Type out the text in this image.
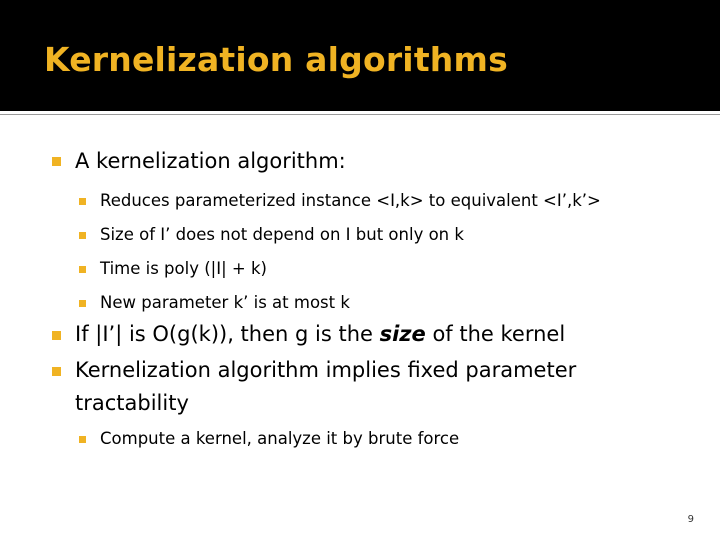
Kernelization algorithms
A kernelization algorithm:
Reduces parameterized instance <I,k> to equivalent <I’,k’>
Size of I’ does not depend on I but only on k
Time is poly (|I| + k)
New parameter k’ is at most k
If |I’| is O(g(k)), then g is the size of the kernel
Kernelization algorithm implies fixed parameter
tractability
Compute a kernel, analyze it by brute force
9
